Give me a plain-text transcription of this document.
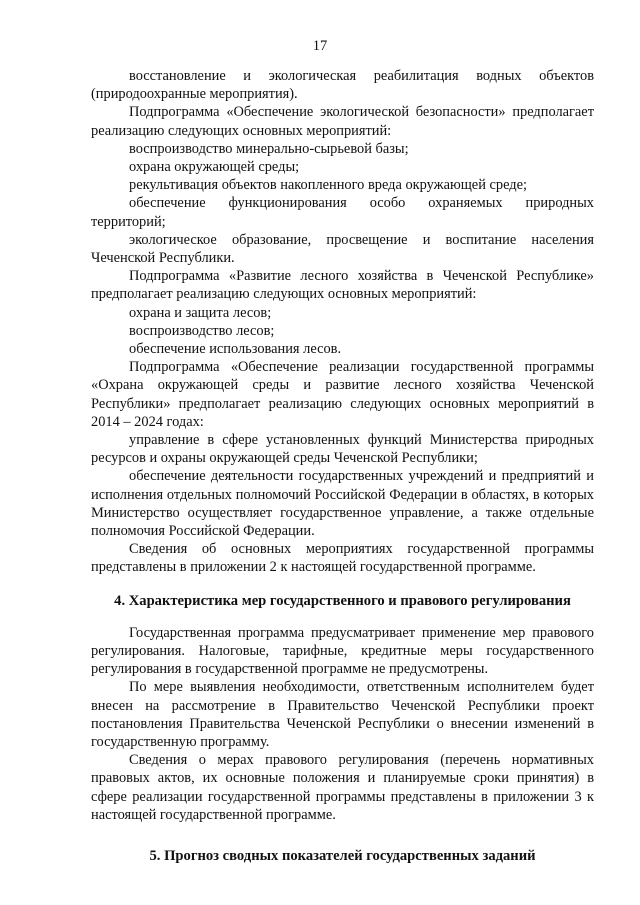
17

восстановление и экологическая реабилитация водных объектов (природоохранные мероприятия).

Подпрограмма «Обеспечение экологической безопасности» предполагает реализацию следующих основных мероприятий:

воспроизводство минерально-сырьевой базы;

охрана окружающей среды;

рекультивация объектов накопленного вреда окружающей среде;

обеспечение функционирования особо охраняемых природных территорий;

экологическое образование, просвещение и воспитание населения Чеченской Республики.

Подпрограмма «Развитие лесного хозяйства в Чеченской Республике» предполагает реализацию следующих основных мероприятий:

охрана и защита лесов;

воспроизводство лесов;

обеспечение использования лесов.

Подпрограмма «Обеспечение реализации государственной программы «Охрана окружающей среды и развитие лесного хозяйства Чеченской Республики» предполагает реализацию следующих основных мероприятий в 2014 – 2024 годах:

управление в сфере установленных функций Министерства природных ресурсов и охраны окружающей среды Чеченской Республики;

обеспечение деятельности государственных учреждений и предприятий и исполнения отдельных полномочий Российской Федерации в областях, в которых Министерство осуществляет государственное управление, а также отдельные полномочия Российской Федерации.

Сведения об основных мероприятиях государственной программы представлены в приложении 2 к настоящей государственной программе.

4. Характеристика мер государственного и правового регулирования

Государственная программа предусматривает применение мер правового регулирования. Налоговые, тарифные, кредитные меры государственного регулирования в государственной программе не предусмотрены.

По мере выявления необходимости, ответственным исполнителем будет внесен на рассмотрение в Правительство Чеченской Республики проект постановления Правительства Чеченской Республики о внесении изменений в государственную программу.

Сведения о мерах правового регулирования (перечень нормативных правовых актов, их основные положения и планируемые сроки принятия) в сфере реализации государственной программы представлены в приложении 3 к настоящей государственной программе.

5. Прогноз сводных показателей государственных заданий
